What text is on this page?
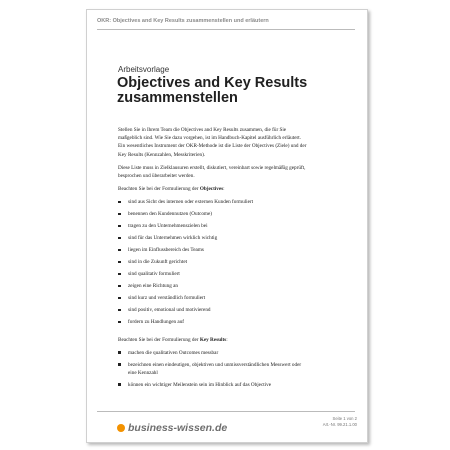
OKR: Objectives and Key Results zusammenstellen und erläutern
Arbeitsvorlage
Objectives and Key Results
zusammenstellen

Stellen Sie in Ihrem Team die Objectives and Key Results zusammen, die für Sie maßgeblich sind. Wie Sie dazu vorgehen, ist im Handbuch-Kapitel ausführlich erläutert. Ein wesentliches Instrument der OKR-Methode ist die Liste der Objectives (Ziele) und der Key Results (Kennzahlen, Messkriterien).

Diese Liste muss in Zielklausuren erstellt, diskutiert, vereinbart sowie regelmäßig geprüft, besprochen und überarbeitet werden.

Beachten Sie bei der Formulierung der Objectives:

sind aus Sicht des internen oder externen Kunden formuliert
benennen den Kundennutzen (Outcome)
tragen zu den Unternehmenszielen bei
sind für das Unternehmen wirklich wichtig
liegen im Einflussbereich des Teams
sind in die Zukunft gerichtet
sind qualitativ formuliert
zeigen eine Richtung an
sind kurz und verständlich formuliert
sind positiv, emotional und motivierend
fordern zu Handlungen auf

Beachten Sie bei der Formulierung der Key Results:

machen die qualitativen Outcomes messbar
bezeichnen einen eindeutigen, objektiven und unmissverständlichen Messwert oder eine Kennzahl
können ein wichtiger Meilenstein sein im Hinblick auf das Objective
business-wissen.de
Seite 1 von 2
Art.-Nr. 99.21.1.00
